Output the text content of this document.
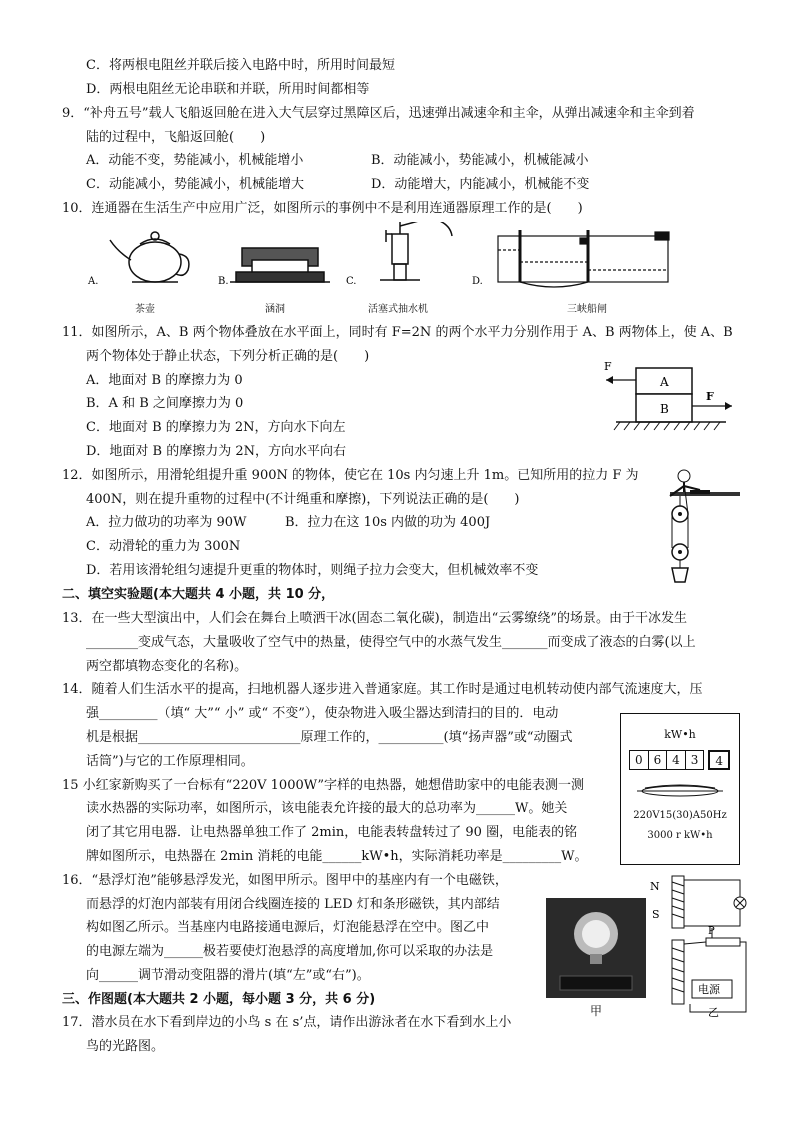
C．将两根电阻丝并联后接入电路中时，所用时间最短
D．两根电阻丝无论串联和并联，所用时间都相等
9．“补舟五号”载人飞船返回舱在进入大气层穿过黑障区后，迅速弹出减速伞和主伞，从弹出减速伞和主伞到着
陆的过程中，飞船返回舱(　　)
A．动能不变，势能减小，机械能增小	B．动能减小，势能减小，机械能减小
C．动能减小，势能减小，机械能增大	D．动能增大，内能减小，机械能不变
10．连通器在生活生产中应用广泛，如图所示的事例中不是利用连通器原理工作的是(　　)
A.	B.	C.	D.
茶壶	涵洞	活塞式抽水机	三峡船闸
11．如图所示，A、B 两个物体叠放在水平面上，同时有 F=2N 的两个水平力分别作用于 A、B 两物体上，使 A、B
两个物体处于静止状态，下列分析正确的是(　　)
A．地面对 B 的摩擦力为 0
B．A 和 B 之间摩擦力为 0
C．地面对 B 的摩擦力为 2N，方向水下向左
D．地面对 B 的摩擦力为 2N，方向水平向右
A
B
F
F
12．如图所示，用滑轮组提升重 900N 的物体，使它在 10s 内匀速上升 1m。已知所用的拉力 F 为
400N，则在提升重物的过程中(不计绳重和摩擦)，下列说法正确的是(　　)
A．拉力做功的功率为 90W	B．拉力在这 10s 内做的功为 400J
C．动滑轮的重力为 300N
D．若用该滑轮组匀速提升更重的物体时，则绳子拉力会变大，但机械效率不变
二、填空实验题(本大题共 4 小题，共 10 分，
13．在一些大型演出中，人们会在舞台上喷洒干冰(固态二氧化碳)，制造出“云雾缭绕”的场景。由于干冰发生
________变成气态，大量吸收了空气中的热量，使得空气中的水蒸气发生_______而变成了液态的白雾(以上
两空都填物态变化的名称)。
14．随着人们生活水平的提高，扫地机器人逐步进入普通家庭。其工作时是通过电机转动使内部气流速度大，压
强_________（填“ 大”“ 小” 或“ 不变”），使杂物进入吸尘器达到清扫的目的．电动
机是根据_________________________原理工作的，__________(填“扬声器”或“动圈式
话筒”)与它的工作原理相同。
15 小红家新购买了一台标有“220V 1000W”字样的电热器，她想借助家中的电能表测一测
读水热器的实际功率，如图所示，该电能表允许接的最大的总功率为______W。她关
闭了其它用电器．让电热器单独工作了 2min，电能表转盘转过了 90 圈，电能表的铭
牌如图所示，电热器在 2min 消耗的电能______kW•h，实际消耗功率是_________W。
kW•h
0 6 4 3	4
220V15(30)A50Hz
3000 r kW•h
16．“悬浮灯泡”能够悬浮发光，如图甲所示。图甲中的基座内有一个电磁铁，
而悬浮的灯泡内部装有用闭合线圈连接的 LED 灯和条形磁铁，其内部结
构如图乙所示。当基座内电路接通电源后，灯泡能悬浮在空中。图乙中
的电源左端为______极若要使灯泡悬浮的高度增加,你可以采取的办法是
向______调节滑动变阻器的滑片(填“左”或“右”)。
甲
N
S
P
电源
乙
三、作图题(本大题共 2 小题，每小题 3 分，共 6 分)
17．潜水员在水下看到岸边的小鸟 s 在 s’点，请作出游泳者在水下看到水上小
鸟的光路图。
